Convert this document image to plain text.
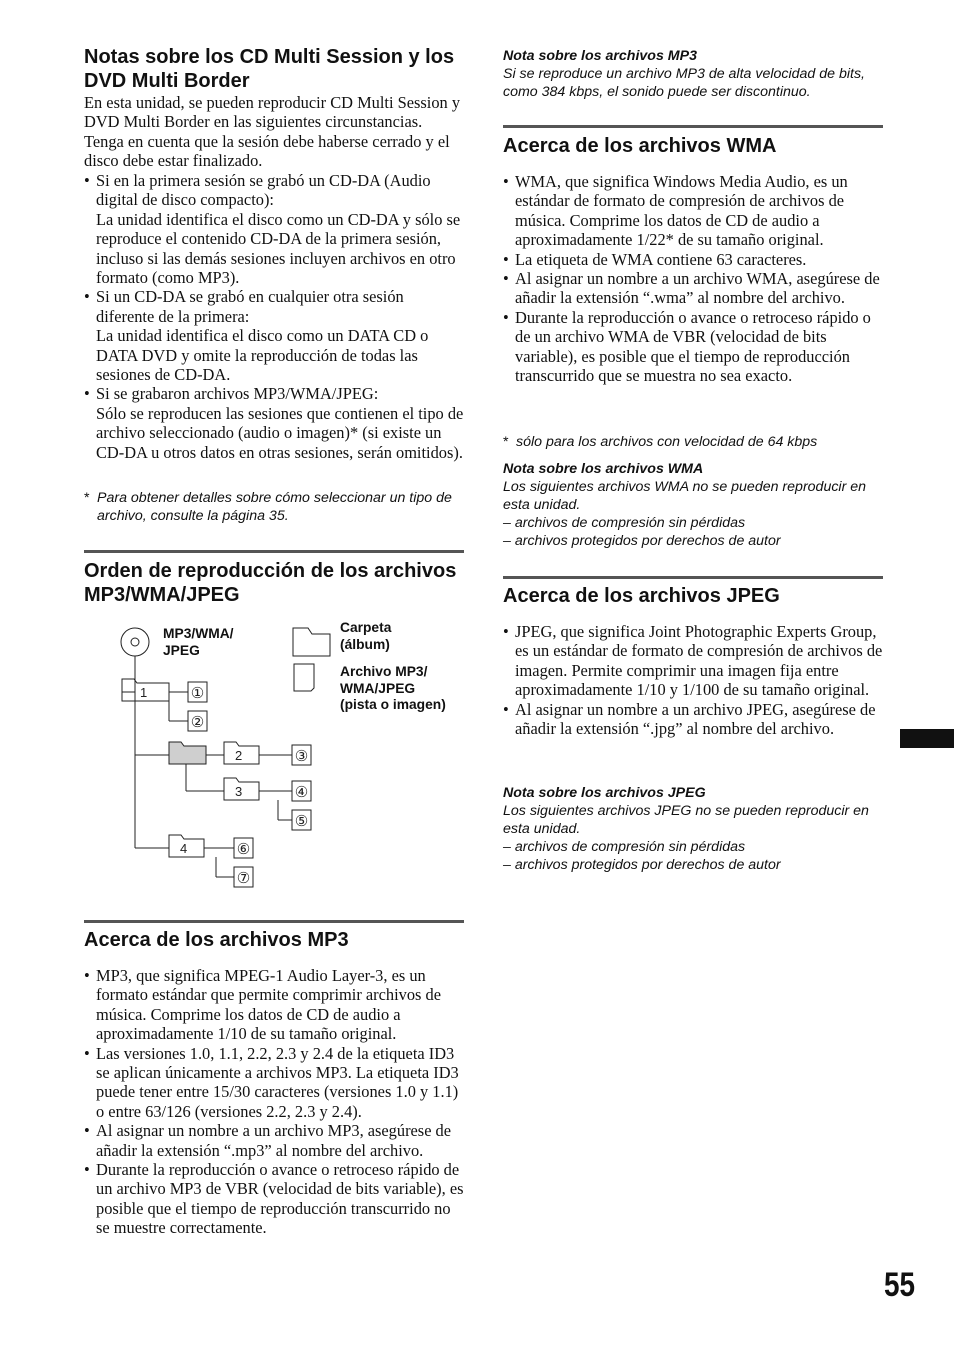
Notas sobre los CD Multi Session y los DVD Multi Border

En esta unidad, se pueden reproducir CD Multi Session y DVD Multi Border en las siguientes circunstancias. Tenga en cuenta que la sesión debe haberse cerrado y el disco debe estar finalizado.

• Si en la primera sesión se grabó un CD-DA (Audio digital de disco compacto):
La unidad identifica el disco como un CD-DA y sólo se reproduce el contenido CD-DA de la primera sesión, incluso si las demás sesiones incluyen archivos en otro formato (como MP3).
• Si un CD-DA se grabó en cualquier otra sesión diferente de la primera:
La unidad identifica el disco como un DATA CD o DATA DVD y omite la reproducción de todas las sesiones de CD-DA.
• Si se grabaron archivos MP3/WMA/JPEG:
Sólo se reproducen las sesiones que contienen el tipo de archivo seleccionado (audio o imagen)* (si existe un CD-DA u otros datos en otras sesiones, serán omitidos).

* Para obtener detalles sobre cómo seleccionar un tipo de archivo, consulte la página 35.

Orden de reproducción de los archivos MP3/WMA/JPEG
1
2
3
4
①
②
③
④
⑤
⑥
⑦
MP3/WMA/ JPEG
Carpeta (álbum)
Archivo MP3/ WMA/JPEG (pista o imagen)
Acerca de los archivos MP3
• MP3, que significa MPEG-1 Audio Layer-3, es un formato estándar que permite comprimir archivos de música. Comprime los datos de CD de audio a aproximadamente 1/10 de su tamaño original.
• Las versiones 1.0, 1.1, 2.2, 2.3 y 2.4 de la etiqueta ID3 se aplican únicamente a archivos MP3. La etiqueta ID3 puede tener entre 15/30 caracteres (versiones 1.0 y 1.1) o entre 63/126 (versiones 2.2, 2.3 y 2.4).
• Al asignar un nombre a un archivo MP3, asegúrese de añadir la extensión “.mp3” al nombre del archivo.
• Durante la reproducción o avance o retroceso rápido de un archivo MP3 de VBR (velocidad de bits variable), es posible que el tiempo de reproducción transcurrido no se muestre correctamente.
Nota sobre los archivos MP3
Si se reproduce un archivo MP3 de alta velocidad de bits, como 384 kbps, el sonido puede ser discontinuo.
Acerca de los archivos WMA
• WMA, que significa Windows Media Audio, es un estándar de formato de compresión de archivos de música. Comprime los datos de CD de audio a aproximadamente 1/22* de su tamaño original.
• La etiqueta de WMA contiene 63 caracteres.
• Al asignar un nombre a un archivo WMA, asegúrese de añadir la extensión “.wma” al nombre del archivo.
• Durante la reproducción o avance o retroceso rápido o de un archivo WMA de VBR (velocidad de bits variable), es posible que el tiempo de reproducción transcurrido que se muestra no sea exacto.

* sólo para los archivos con velocidad de 64 kbps

Nota sobre los archivos WMA
Los siguientes archivos WMA no se pueden reproducir en esta unidad.
– archivos de compresión sin pérdidas
– archivos protegidos por derechos de autor
Acerca de los archivos JPEG
• JPEG, que significa Joint Photographic Experts Group, es un estándar de formato de compresión de archivos de imagen. Permite comprimir una imagen fija entre aproximadamente 1/10 y 1/100 de su tamaño original.
• Al asignar un nombre a un archivo JPEG, asegúrese de añadir la extensión “.jpg” al nombre del archivo.
Nota sobre los archivos JPEG
Los siguientes archivos JPEG no se pueden reproducir en esta unidad.
– archivos de compresión sin pérdidas
– archivos protegidos por derechos de autor
55
